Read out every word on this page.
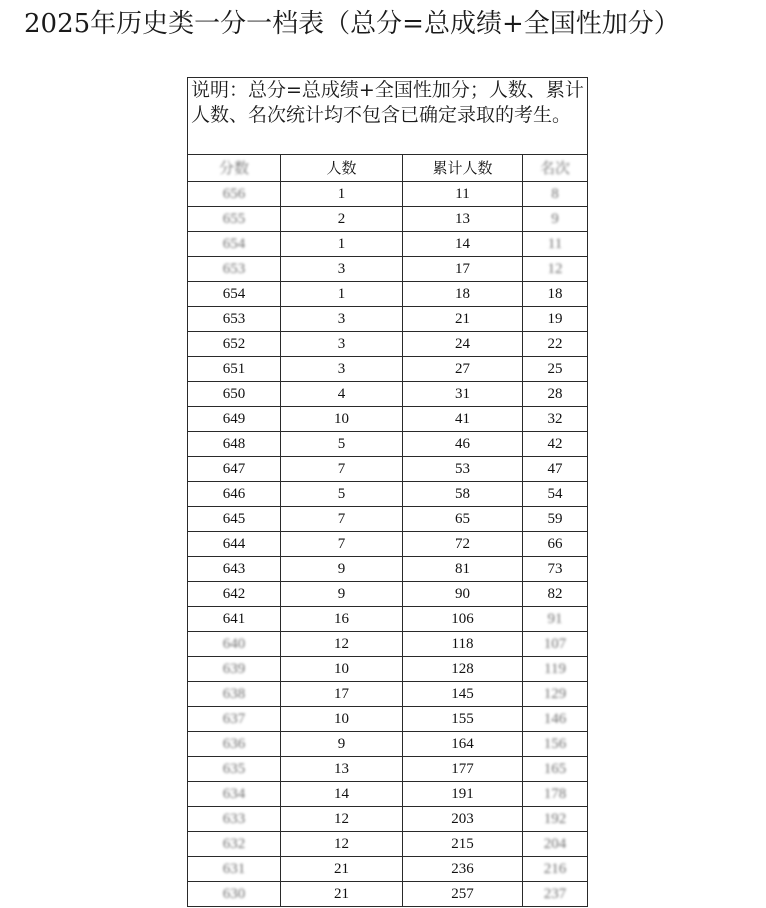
2025年历史类一分一档表（总分=总成绩+全国性加分）
说明：总分=总成绩+全国性加分；人数、累计人数、名次统计均不包含已确定录取的考生。			
分数	人数	累计人数	名次
656	1	11	8
655	2	13	9
654	1	14	11
653	3	17	12
654	1	18	18
653	3	21	19
652	3	24	22
651	3	27	25
650	4	31	28
649	10	41	32
648	5	46	42
647	7	53	47
646	5	58	54
645	7	65	59
644	7	72	66
643	9	81	73
642	9	90	82
641	16	106	91
640	12	118	107
639	10	128	119
638	17	145	129
637	10	155	146
636	9	164	156
635	13	177	165
634	14	191	178
633	12	203	192
632	12	215	204
631	21	236	216
630	21	257	237
